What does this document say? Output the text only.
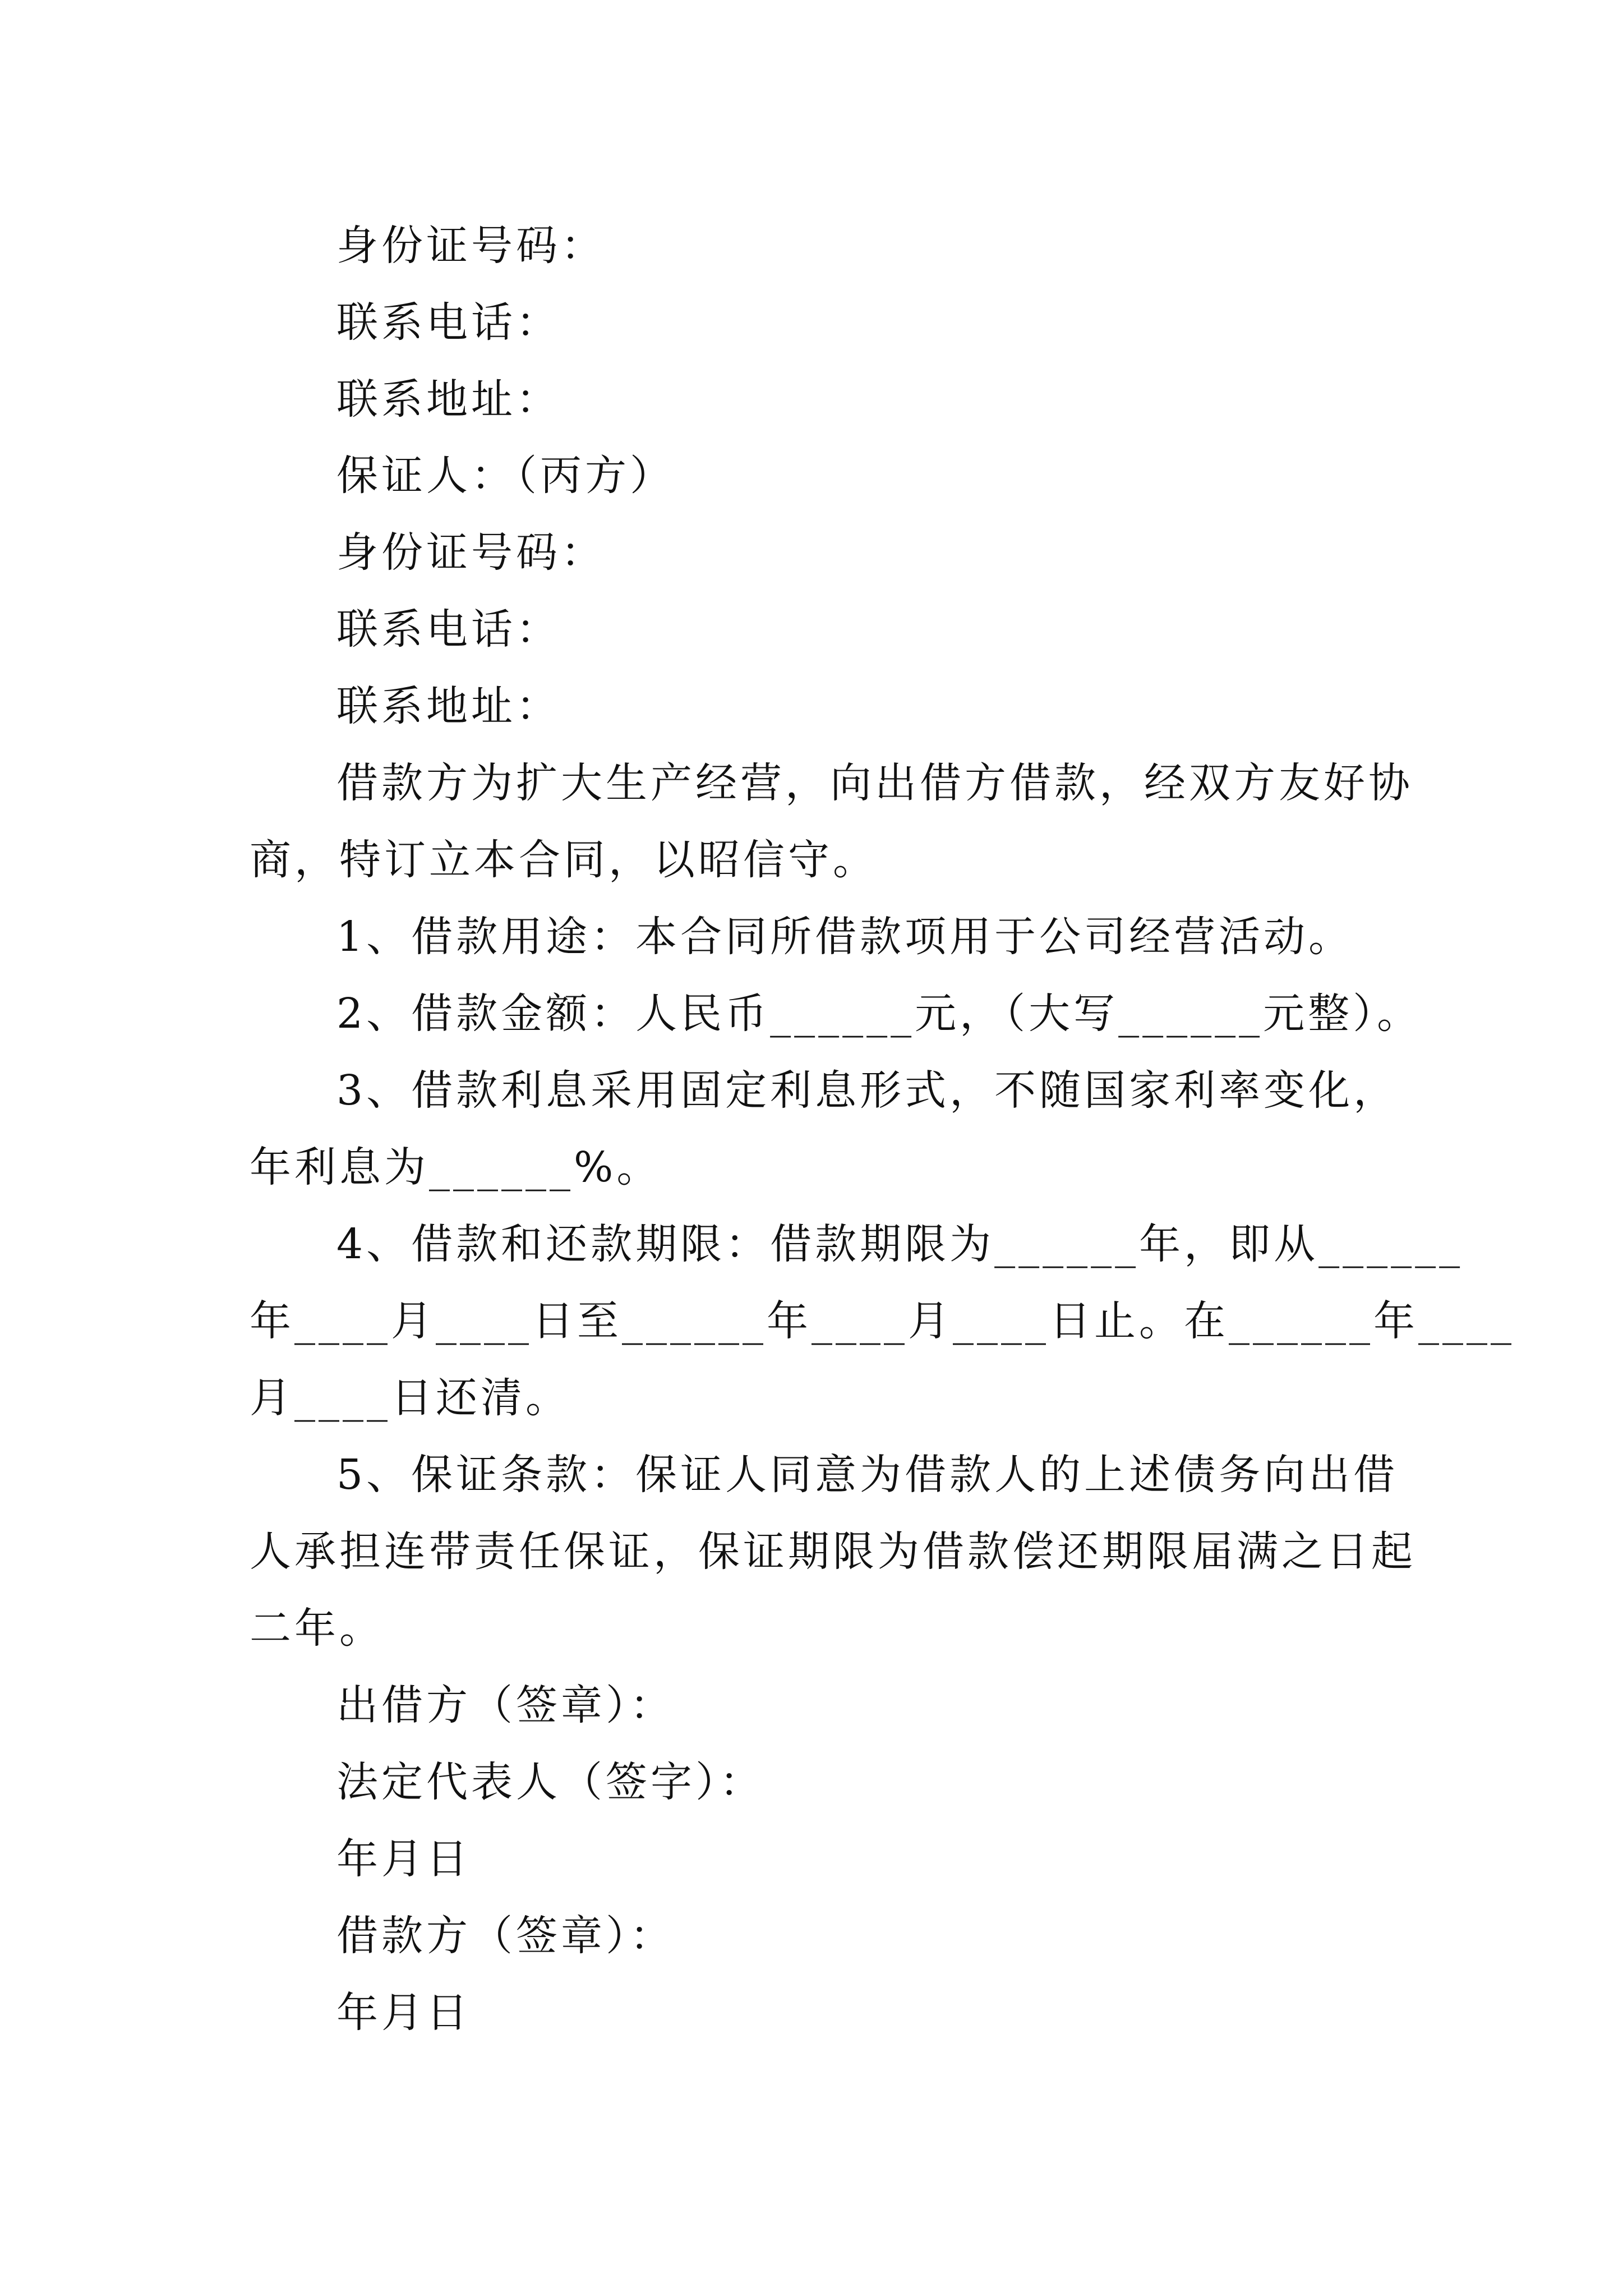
身份证号码：
联系电话：
联系地址：
保证人：（丙方）
身份证号码：
联系电话：
联系地址：
借款方为扩大生产经营，向出借方借款，经双方友好协
商，特订立本合同，以昭信守。
1、借款用途：本合同所借款项用于公司经营活动。
2、借款金额：人民币______元，（大写______元整）。
3、借款利息采用固定利息形式，不随国家利率变化，
年利息为______%。
4、借款和还款期限：借款期限为______年，即从______
年____月____日至______年____月____日止。在______年____
月____日还清。
5、保证条款：保证人同意为借款人的上述债务向出借
人承担连带责任保证，保证期限为借款偿还期限届满之日起
二年。
出借方（签章）：
法定代表人（签字）：
年月日
借款方（签章）：
年月日
